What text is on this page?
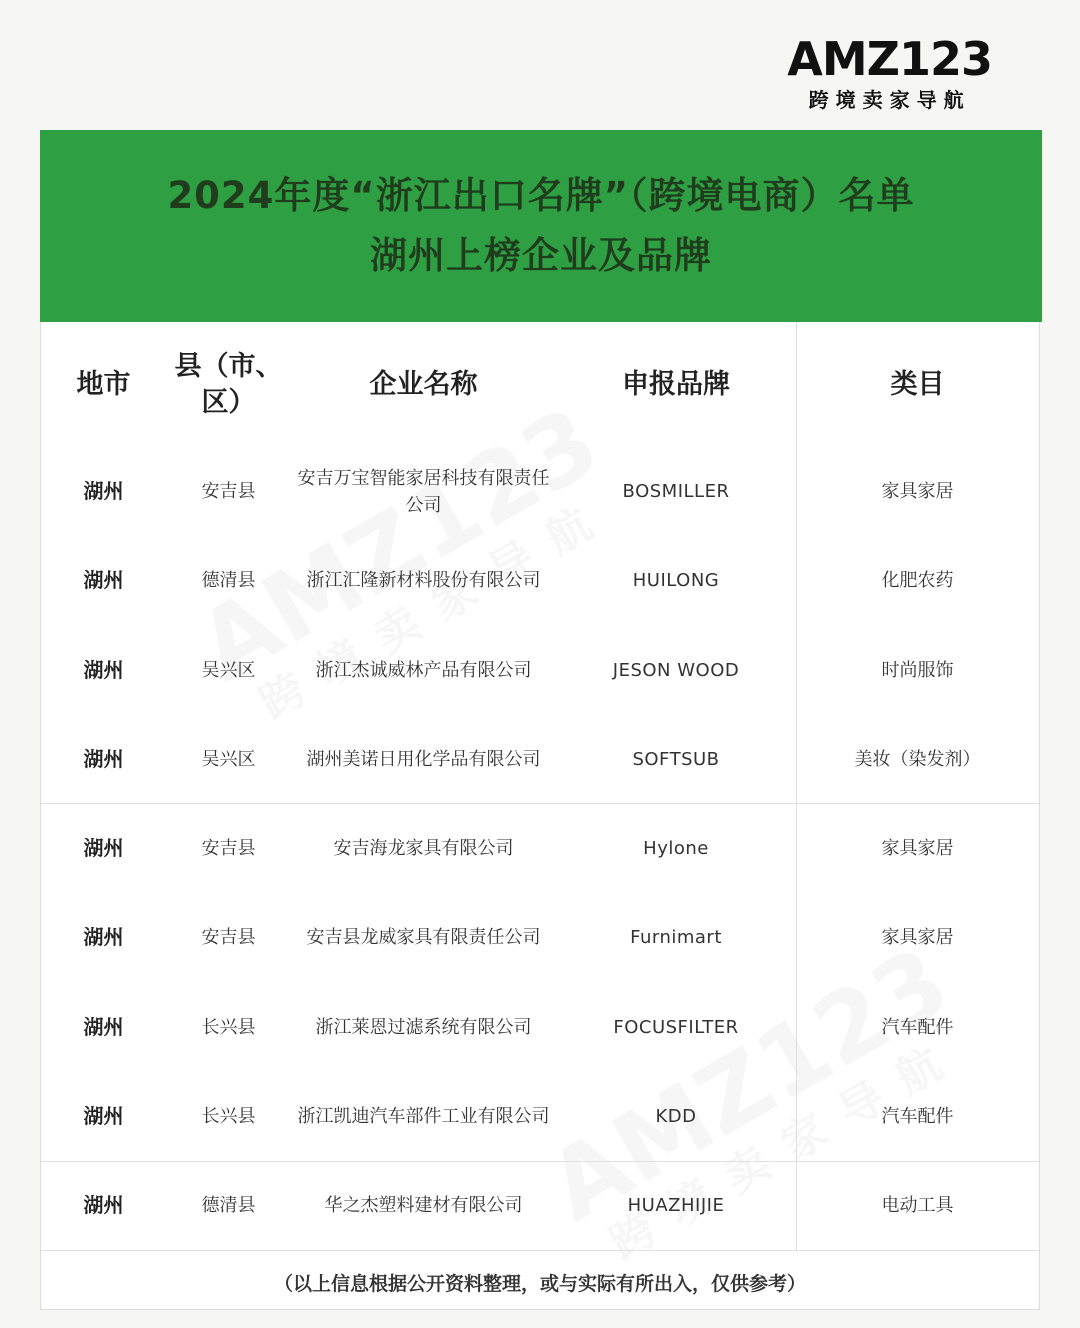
AMZ123
跨境卖家导航
2024年度“浙江出口名牌”（跨境电商）名单
湖州上榜企业及品牌
地市	县（市、区）	企业名称	申报品牌	类目
湖州	安吉县	安吉万宝智能家居科技有限责任公司	BOSMILLER	家具家居
湖州	德清县	浙江汇隆新材料股份有限公司	HUILONG	化肥农药
湖州	吴兴区	浙江杰诚威林产品有限公司	JESON WOOD	时尚服饰
湖州	吴兴区	湖州美诺日用化学品有限公司	SOFTSUB	美妆（染发剂）
湖州	安吉县	安吉海龙家具有限公司	Hylone	家具家居
湖州	安吉县	安吉县龙威家具有限责任公司	Furnimart	家具家居
湖州	长兴县	浙江莱恩过滤系统有限公司	FOCUSFILTER	汽车配件
湖州	长兴县	浙江凯迪汽车部件工业有限公司	KDD	汽车配件
湖州	德清县	华之杰塑料建材有限公司	HUAZHIJIE	电动工具
（以上信息根据公开资料整理，或与实际有所出入，仅供参考）
